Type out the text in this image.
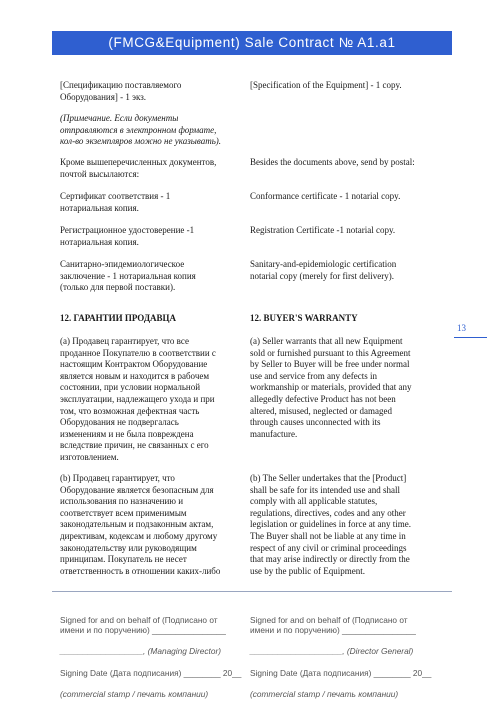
(FMCG&Equipment) Sale Contract № A1.a1
[Спецификацию поставляемого
Оборудования] - 1 экз.
[Specification of the Equipment] - 1 copy.
(Примечание. Если документы
отправляются в электронном формате,
кол-во экземпляров можно не указывать).
Кроме вышеперечисленных документов,
почтой высылаются:
Besides the documents above, send by postal:
Сертификат соответствия - 1
нотариальная копия.
Conformance certificate - 1 notarial copy.
Регистрационное удостоверение -1
нотариальная копия.
Registration Certificate -1 notarial copy.
Санитарно-эпидемиологическое
заключение - 1 нотариальная копия
(только для первой поставки).
Sanitary-and-epidemiologic certification
notarial copy (merely for first delivery).
12. ГАРАНТИИ ПРОДАВЦА	12. BUYER'S WARRANTY
13
(а) Продавец гарантирует, что все
проданное Покупателю в соответствии с
настоящим Контрактом Оборудование
является новым и находится в рабочем
состоянии, при условии нормальной
эксплуатации, надлежащего ухода и при
том, что возможная дефектная часть
Оборудования не подвергалась
изменениям и не была повреждена
вследствие причин, не связанных с его
изготовлением.
(a) Seller warrants that all new Equipment
sold or furnished pursuant to this Agreement
by Seller to Buyer will be free under normal
use and service from any defects in
workmanship or materials, provided that any
allegedly defective Product has not been
altered, misused, neglected or damaged
through causes unconnected with its
manufacture.
(b) Продавец гарантирует, что
Оборудование является безопасным для
использования по назначению и
соответствует всем применимым
законодательным и подзаконным актам,
директивам, кодексам и любому другому
законодательству или руководящим
принципам. Покупатель не несет
ответственность в отношении каких-либо
(b) The Seller undertakes that the [Product]
shall be safe for its intended use and shall
comply with all applicable statutes,
regulations, directives, codes and any other
legislation or guidelines in force at any time.
The Buyer shall not be liable at any time in
respect of any civil or criminal proceedings
that may arise indirectly or directly from the
use by the public of Equipment.

Signed for and on behalf of (Подписано от
имени и по поручению) ________________

__________________, (Managing Director)

Signing Date (Дата подписания) ________ 20__

(commercial stamp / печать компании)

Signed for and on behalf of (Подписано от
имени и по поручению) ________________

____________________, (Director General)

Signing Date (Дата подписания) ________ 20__

(commercial stamp / печать компании)
